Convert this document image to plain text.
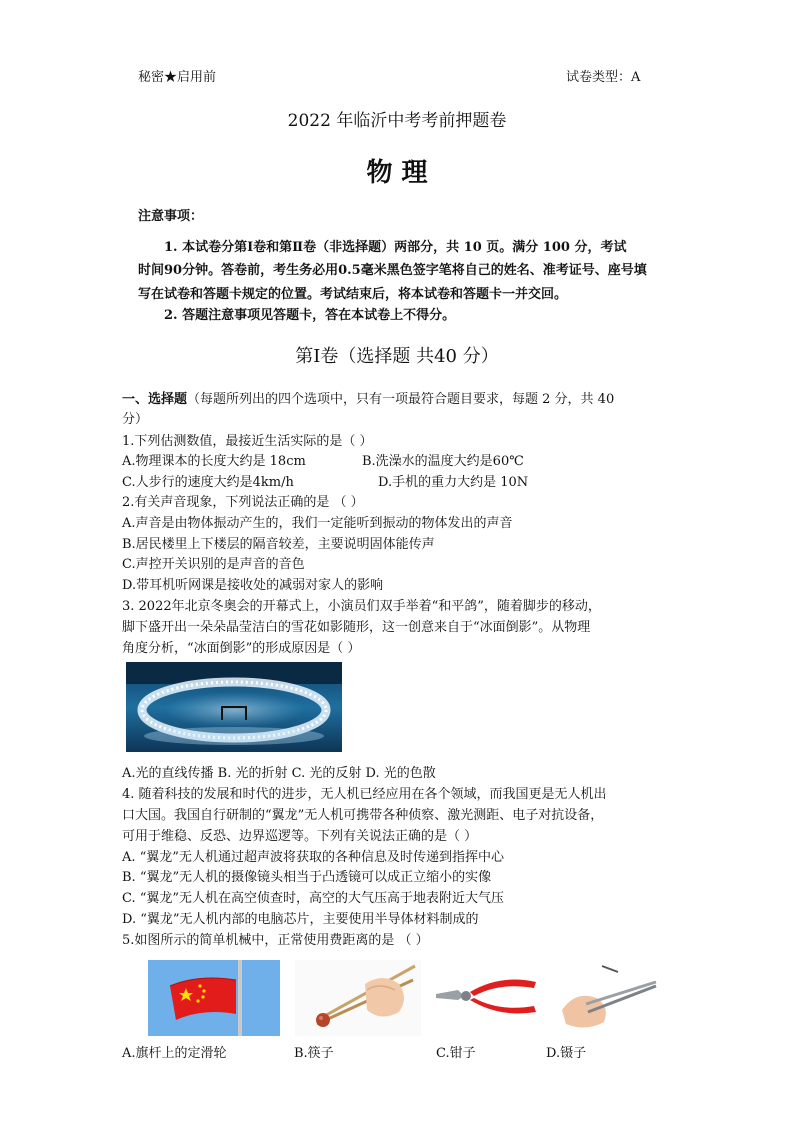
秘密★启用前	试卷类型：A
2022 年临沂中考考前押题卷
物 理
注意事项：
1. 本试卷分第Ⅰ卷和第Ⅱ卷（非选择题）两部分，共 10 页。满分 100 分，考试
时间90分钟。答卷前，考生务必用0.5毫米黑色签字笔将自己的姓名、准考证号、座号填
写在试卷和答题卡规定的位置。考试结束后，将本试卷和答题卡一并交回。
2. 答题注意事项见答题卡，答在本试卷上不得分。
第Ⅰ卷（选择题 共40 分）
一、选择题（每题所列出的四个选项中，只有一项最符合题目要求，每题 2 分，共 40
分）
1.下列估测数值，最接近生活实际的是（ ）
A.物理课本的长度大约是 18cm	B.洗澡水的温度大约是60℃
C.人步行的速度大约是4km/h	D.手机的重力大约是 10N
2.有关声音现象，下列说法正确的是 （ ）
A.声音是由物体振动产生的，我们一定能听到振动的物体发出的声音
B.居民楼里上下楼层的隔音较差，主要说明固体能传声
C.声控开关识别的是声音的音色
D.带耳机听网课是接收处的减弱对家人的影响
3. 2022年北京冬奥会的开幕式上，小演员们双手举着“和平鸽”，随着脚步的移动，
脚下盛开出一朵朵晶莹洁白的雪花如影随形，这一创意来自于“冰面倒影”。从物理
角度分析，“冰面倒影”的形成原因是（ ）
A.光的直线传播 B. 光的折射 C. 光的反射 D. 光的色散
4. 随着科技的发展和时代的进步，无人机已经应用在各个领域，而我国更是无人机出
口大国。我国自行研制的“翼龙”无人机可携带各种侦察、激光测距、电子对抗设备，
可用于维稳、反恐、边界巡逻等。下列有关说法正确的是（ ）
A. “翼龙”无人机通过超声波将获取的各种信息及时传递到指挥中心
B. “翼龙”无人机的摄像镜头相当于凸透镜可以成正立缩小的实像
C. “翼龙”无人机在高空侦查时，高空的大气压高于地表附近大气压
D. “翼龙”无人机内部的电脑芯片，主要使用半导体材料制成的
5.如图所示的简单机械中，正常使用费距离的是 （ ）
A.旗杆上的定滑轮	B.筷子	C.钳子	D.镊子
